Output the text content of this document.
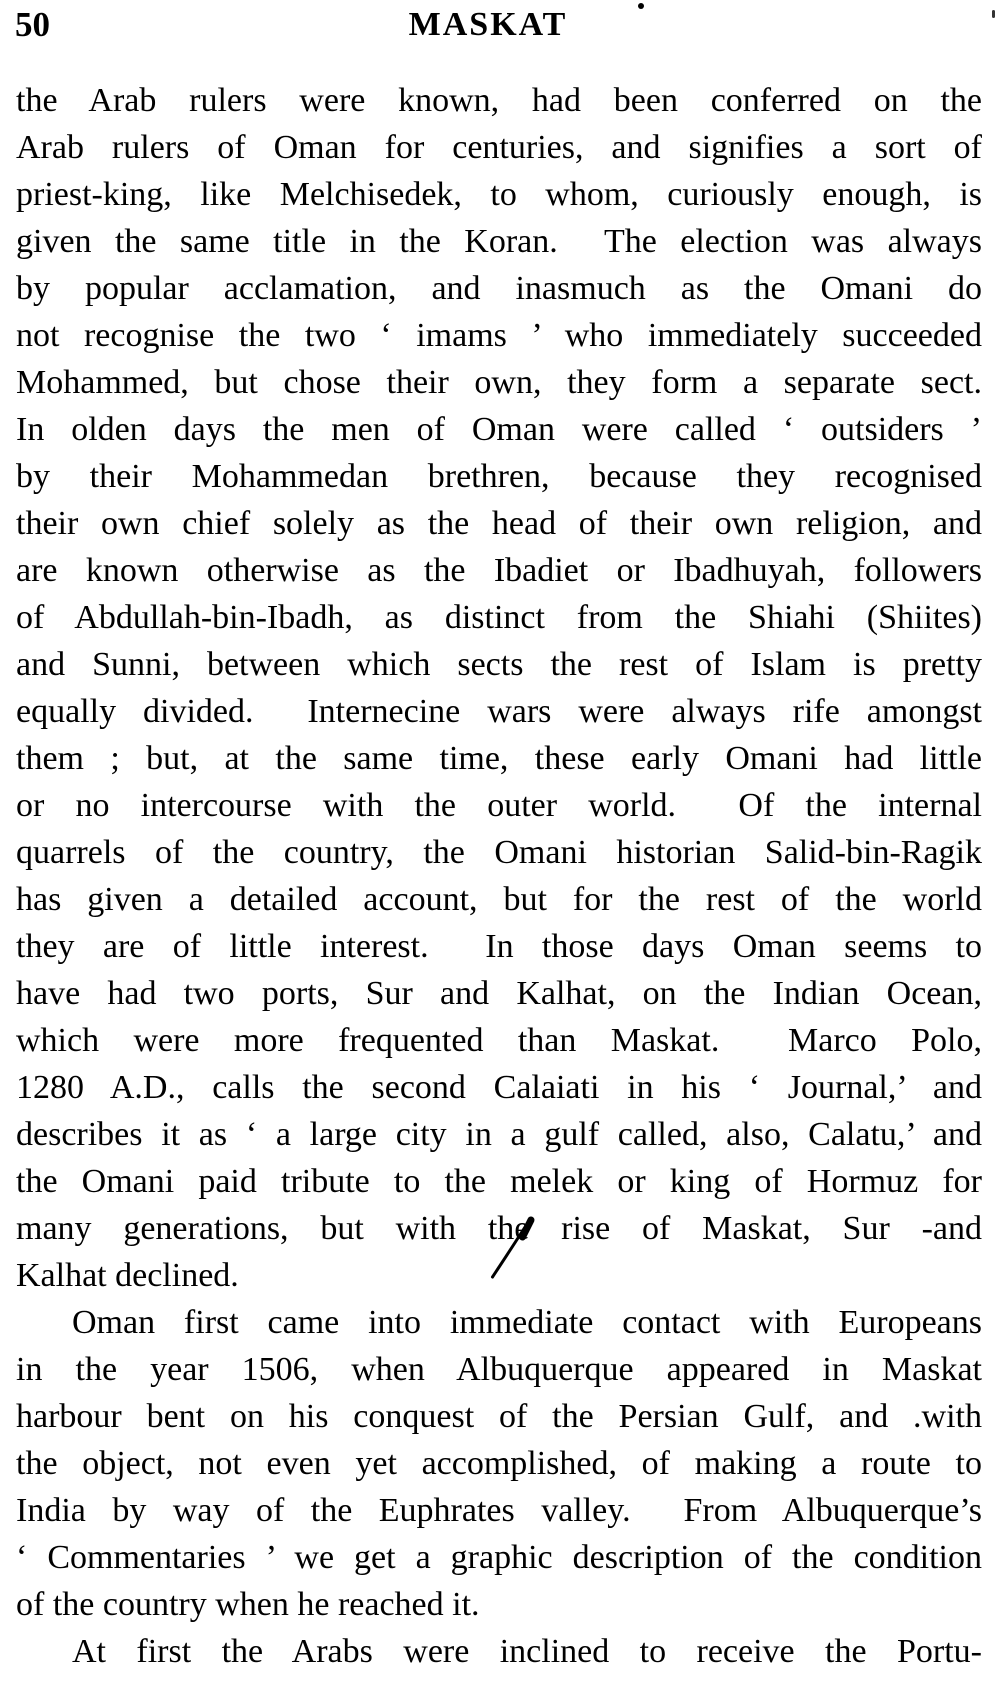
50	MASKAT
the Arab rulers were known, had been conferred on the
Arab rulers of Oman for centuries, and signifies a sort of
priest-king, like Melchisedek, to whom, curiously enough, is
given the same title in the Koran.  The election was always
by popular acclamation, and inasmuch as the Omani do
not recognise the two ‘ imams ’ who immediately succeeded
Mohammed, but chose their own, they form a separate sect.
In olden days the men of Oman were called ‘ outsiders ’
by their Mohammedan brethren, because they recognised
their own chief solely as the head of their own religion, and
are known otherwise as the Ibadiet or Ibadhuyah, followers
of Abdullah-bin-Ibadh, as distinct from the Shiahi (Shiites)
and Sunni, between which sects the rest of Islam is pretty
equally divided.  Internecine wars were always rife amongst
them ; but, at the same time, these early Omani had little
or no intercourse with the outer world.  Of the internal
quarrels of the country, the Omani historian Salid-bin-Ragik
has given a detailed account, but for the rest of the world
they are of little interest.  In those days Oman seems to
have had two ports, Sur and Kalhat, on the Indian Ocean,
which were more frequented than Maskat.  Marco Polo,
1280 A.D., calls the second Calaiati in his ‘ Journal,’ and
describes it as ‘ a large city in a gulf called, also, Calatu,’ and
the Omani paid tribute to the melek or king of Hormuz for
many generations, but with the rise of Maskat, Sur -and
Kalhat declined.
Oman first came into immediate contact with Europeans
in the year 1506, when Albuquerque appeared in Maskat
harbour bent on his conquest of the Persian Gulf, and .with
the object, not even yet accomplished, of making a route to
India by way of the Euphrates valley.  From Albuquerque’s
‘ Commentaries ’ we get a graphic description of the condition
of the country when he reached it.
At first the Arabs were inclined to receive the Portu-
